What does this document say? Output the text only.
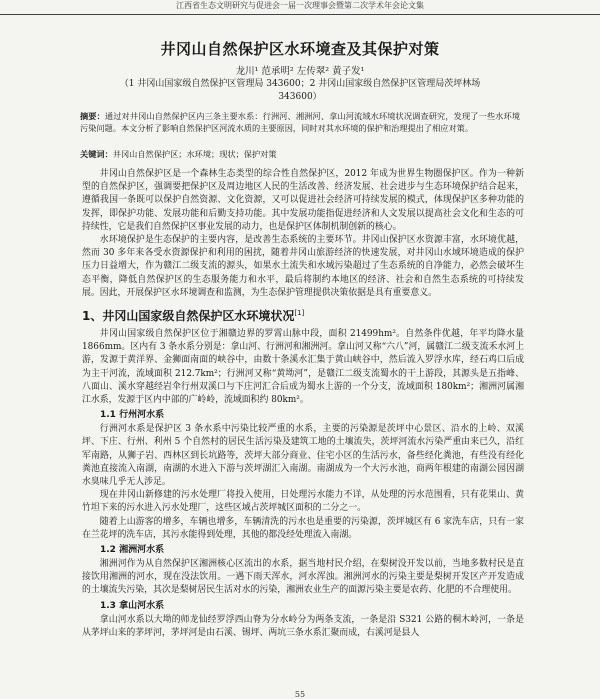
江西省生态文明研究与促进会一届一次理事会暨第二次学术年会论文集
井冈山自然保护区水环境查及其保护对策
龙川¹ 范承明² 左传翠² 黄子发¹
（1 井冈山国家级自然保护区管理局 343600；2 井冈山国家级自然保护区管理局茨坪林场 343600）
摘要：通过对井冈山自然保护区内三条主要水系：行洲河、湘洲河、拿山河流域水环境状况调查研究，发现了一些水环境污染问题。本文分析了影响自然保护区河流水质的主要原因，同时对其水环境的保护和治理提出了相应对策。
关键词：井冈山自然保护区；水环境；现状；保护对策

井冈山自然保护区是一个森林生态类型的综合性自然保护区，2012 年成为世界生物圈保护区。作为一种新型的自然保护区，强调要把保护区及周边地区人民的生活改善、经济发展、社会进步与生态环境保护结合起来，遵循我国一条既可以保护自然资源、文化资源，又可以促进社会经济可持续发展的模式，体现保护区多种功能的发挥，即保护功能、发展功能和后勤支持功能。其中发展功能指促进经济和人文发展以提高社会文化和生态的可持续性，它是我们自然保护区事业发展的动力，也是保护区体制机制创新的核心。

水环境保护是生态保护的主要内容，是改善生态系统的主要环节。井冈山保护区水资源丰富，水环境优越，然而 30 多年来各受水资源保护和利用的困扰，随着井冈山旅游经济的快速发展，对井冈山水域环境造成的保护压力日益增大，作为赣江二级支流的源头，如果水土流失和水域污染超过了生态系统的自净能力，必然会破坏生态平衡，降低自然保护区的生态服务能力和水平，最后将制约本地区的经济、社会和自然生态系统的可持续发展。因此，开展保护区水环境调查和监测，为生态保护管理提供决策依据是具有重要意义。

1、井冈山国家级自然保护区水环境状况[1]

井冈山国家级自然保护区位于湘赣边界的罗霄山脉中段，面积 21499hm²。自然条件优越，年平均降水量 1866mm。区内有 3 条水系分别是：拿山河、行洲河和湘洲河。拿山河又称“六八”河，属赣江二级支流禾水河上游，发源于黄洋界、金狮面南面的峡谷中，由数十条溪水汇集于黄山峡谷中，然后流入罗浮水库，经石鸡口后成为主干河流，流域面积 212.7km²；行洲河又称“黄坳河”，是赣江二级支流蜀水的干上游段，其源头是五指峰、八面山、溪水穿越经岩伞行州双溪口与下庄河汇合后成为蜀水上游的一个分支，流域面积 180km²；湘洲河属湘江水系，发源于区内中部的广岭岭，流域面积约 80km²。

1.1 行州河水系

行洲河水系是保护区 3 条水系中污染比较严重的水系，主要的污染源是茨坪中心景区、沿水的上岭、双溪坪、下庄、行州、利州 5 个自然村的居民生活污染及建筑工地的土壤流失，茨坪河流水污染严重由来已久，沿红军南路，从狮子岩、西林区到长坑路等，茨坪大部分商业、住宅小区的生活污水，备些经化粪池，有些没有经化粪池直接流入南湖，南湖的水进入下游与茨坪湖汇入南湖。南湖成为一个大污水池，商两年根建的南湖公园因湖水臭味几乎无人涉足。

现在井冈山新修建的污水处理厂将投入使用，日处理污水能力不详，从处理的污水范围看，只有花果山、黄竹坦下来的污水进入污水处理厂，这些区域占茨坪城区面积的二分之一。

随着上山游客的增多，车辆也增多，车辆清洗的污水也是重要的污染源，茨坪城区有 6 家洗车店，只有一家在兰花坪的洗车店，其污水能得到处理，其他的都没经处理流入南湖。

1.2 湘洲河水系

湘洲河作为从自然保护区湘洲核心区流出的水系，据当地村民介绍，在梨树没开发以前，当地多数村民是直接饮用湘洲的河水，现在没法饮用。一遇下雨天浑水，河水浑浊。湘洲河水的污染主要是梨树开发区产开发造成的土壤流失污染，其次是梨树居民生活对水的污染，湘洲农业生产的面源污染主要是农药、化肥的不合理使用。

1.3 拿山河水系

拿山河水系以大坳的师龙仙经罗浮西山脊为分水岭分为两条支流，一条是沿 S321 公路的桐木岭河，一条是从茅坪山来的茅坪河，茅坪河是由石溪、锡坪、两坑三条水系汇聚而成，右溪河是县人

55
